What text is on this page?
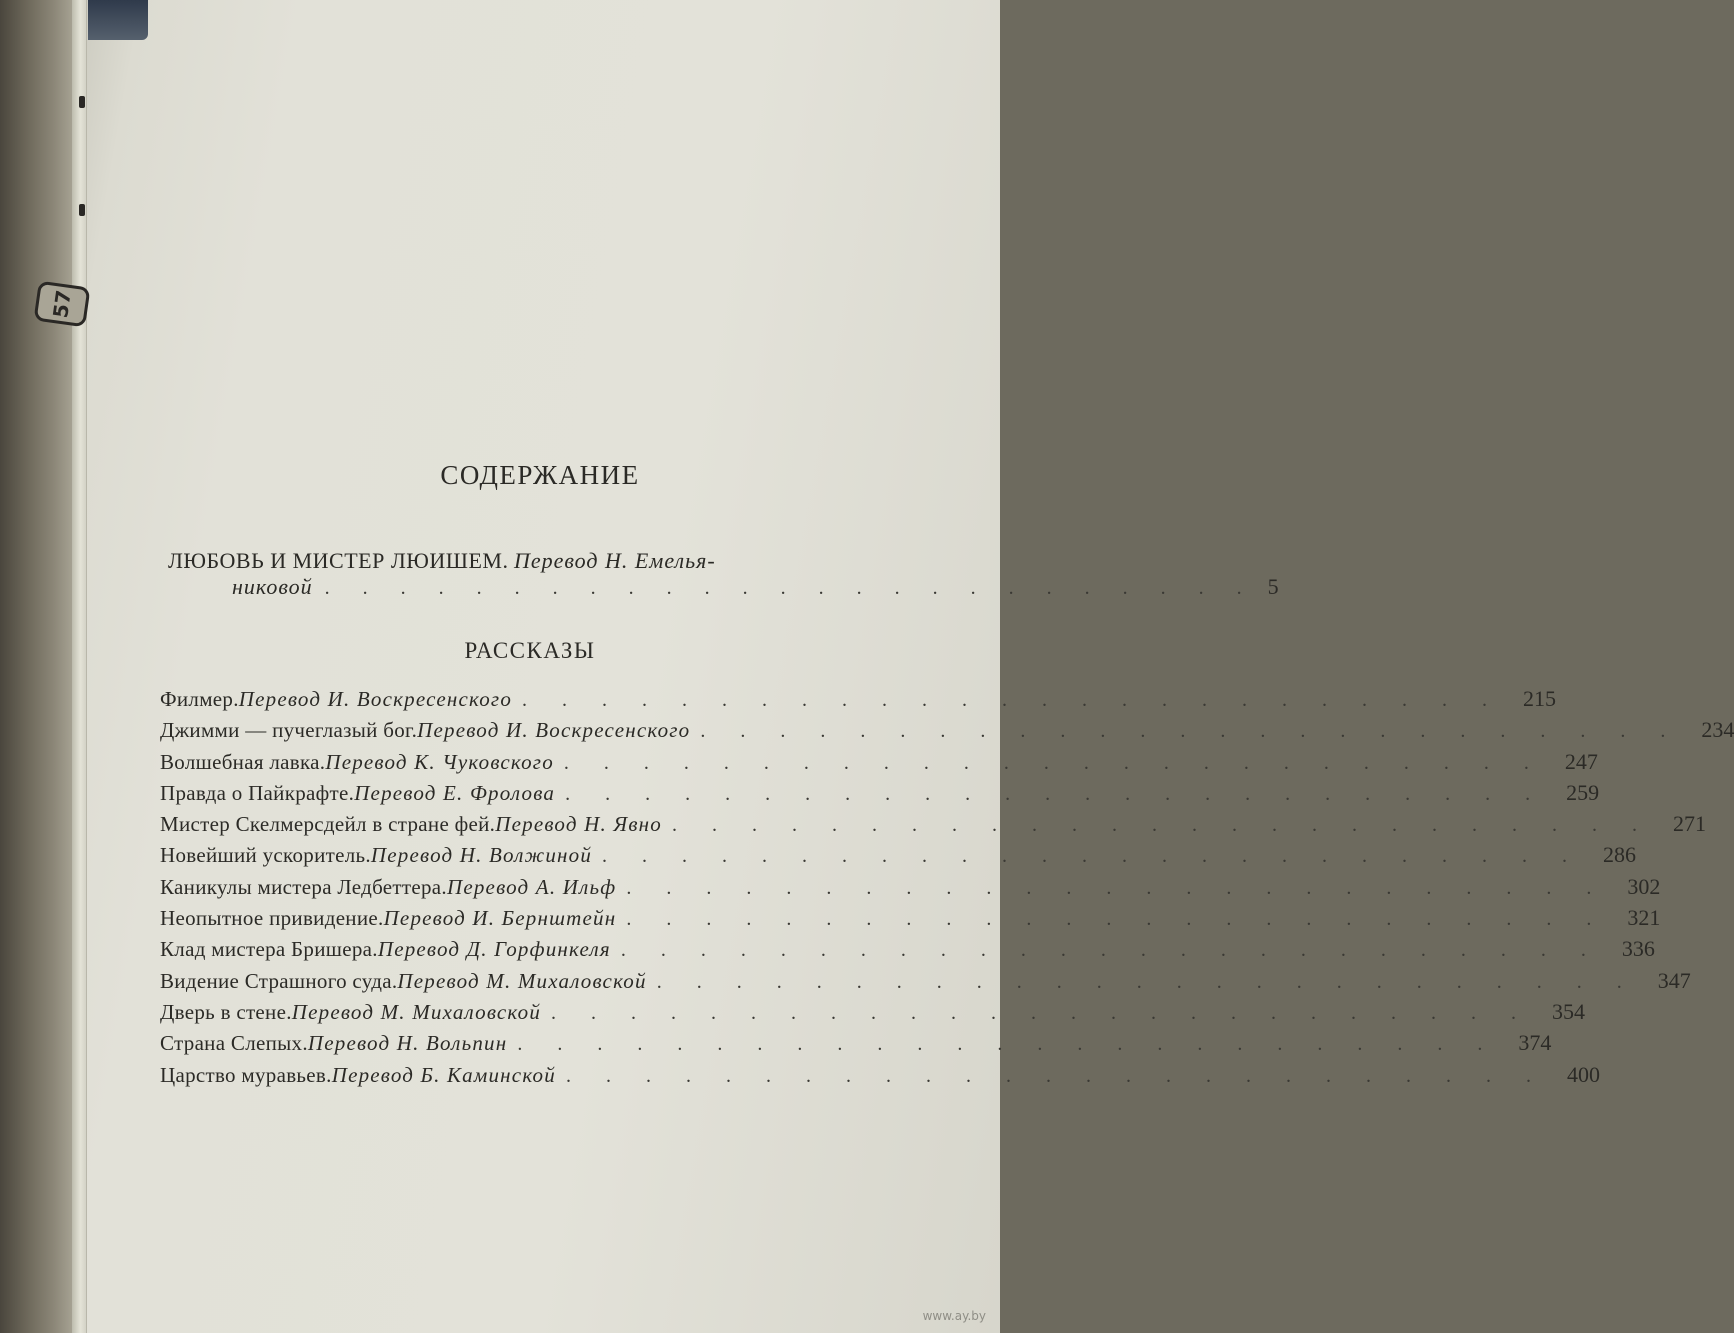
57
СОДЕРЖАНИЕ
ЛЮБОВЬ И МИСТЕР ЛЮИШЕМ. Перевод Н. Емелья-
никовой . . . . . . . . . . . . . . . . . . . . . . . . . 5
РАССКАЗЫ
Филмер. Перевод И. Воскресенского . . . . . . . . . . . . . . . . . . . . . . . . . 215
Джимми — пучеглазый бог. Перевод И. Воскресенского . . . . . . . . . . . . . . . . . . . . . . . . . 234
Волшебная лавка. Перевод К. Чуковского . . . . . . . . . . . . . . . . . . . . . . . . . 247
Правда о Пайкрафте. Перевод Е. Фролова . . . . . . . . . . . . . . . . . . . . . . . . . 259
Мистер Скелмерсдейл в стране фей. Перевод Н. Явно . . . . . . . . . . . . . . . . . . . . . . . . . 271
Новейший ускоритель. Перевод Н. Волжиной . . . . . . . . . . . . . . . . . . . . . . . . . 286
Каникулы мистера Ледбеттера. Перевод А. Ильф . . . . . . . . . . . . . . . . . . . . . . . . . 302
Неопытное привидение. Перевод И. Бернштейн . . . . . . . . . . . . . . . . . . . . . . . . . 321
Клад мистера Бришера. Перевод Д. Горфинкеля . . . . . . . . . . . . . . . . . . . . . . . . . 336
Видение Страшного суда. Перевод М. Михаловской . . . . . . . . . . . . . . . . . . . . . . . . . 347
Дверь в стене. Перевод М. Михаловской . . . . . . . . . . . . . . . . . . . . . . . . . 354
Страна Слепых. Перевод Н. Вольпин . . . . . . . . . . . . . . . . . . . . . . . . . 374
Царство муравьев. Перевод Б. Каминской . . . . . . . . . . . . . . . . . . . . . . . . . 400
www.ay.by
